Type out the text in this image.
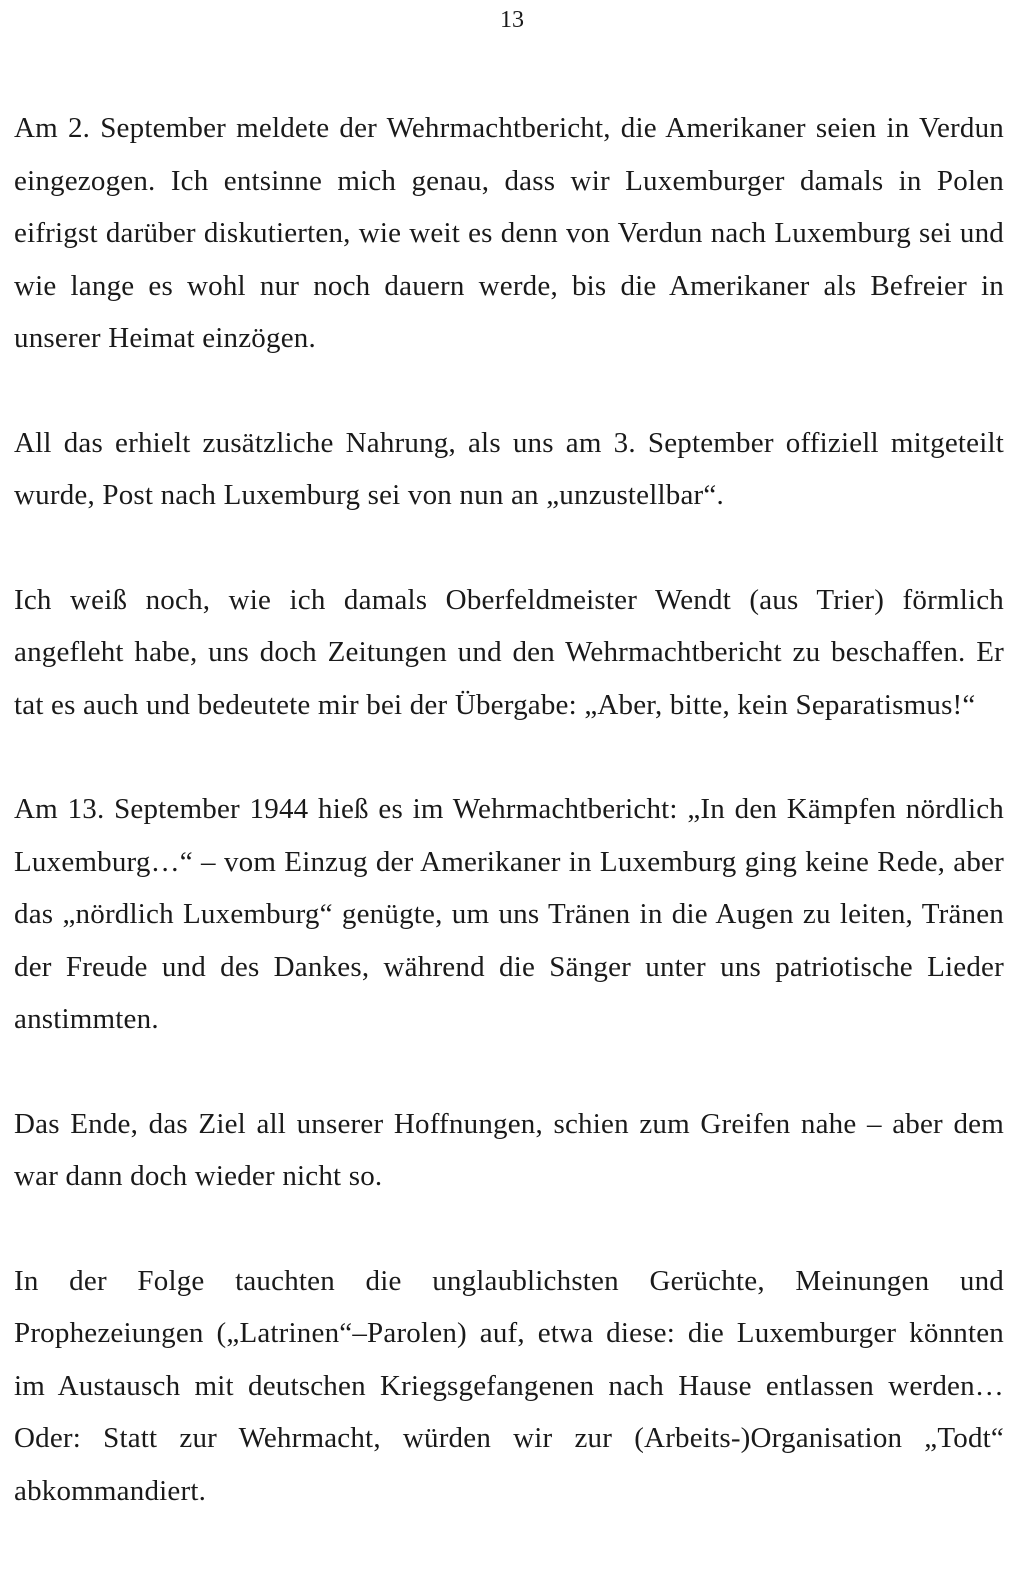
13

Am 2. September meldete der Wehrmachtbericht, die Amerikaner seien in Verdun eingezogen. Ich entsinne mich genau, dass wir Luxemburger damals in Polen eifrigst darüber diskutierten, wie weit es denn von Verdun nach Luxemburg sei und wie lange es wohl nur noch dauern werde, bis die Amerikaner als Befreier in unserer Heimat einzögen.

All das erhielt zusätzliche Nahrung, als uns am 3. September offiziell mitgeteilt wurde, Post nach Luxemburg sei von nun an „unzustellbar“.

Ich weiß noch, wie ich damals Oberfeldmeister Wendt (aus Trier) förmlich angefleht habe, uns doch Zeitungen und den Wehrmachtbericht zu beschaffen. Er tat es auch und bedeutete mir bei der Übergabe: „Aber, bitte, kein Separatismus!“

Am 13. September 1944 hieß es im Wehrmachtbericht: „In den Kämpfen nördlich Luxemburg…“ – vom Einzug der Amerikaner in Luxemburg ging keine Rede, aber das „nördlich Luxemburg“ genügte, um uns Tränen in die Augen zu leiten, Tränen der Freude und des Dankes, während die Sänger unter uns patriotische Lieder anstimmten.

Das Ende, das Ziel all unserer Hoffnungen, schien zum Greifen nahe – aber dem war dann doch wieder nicht so.

In der Folge tauchten die unglaublichsten Gerüchte, Meinungen und Prophezeiungen („Latrinen“–Parolen) auf, etwa diese: die Luxemburger könnten im Austausch mit deutschen Kriegsgefangenen nach Hause entlassen werden… Oder: Statt zur Wehrmacht, würden wir zur (Arbeits-)Organisation „Todt“ abkommandiert.
